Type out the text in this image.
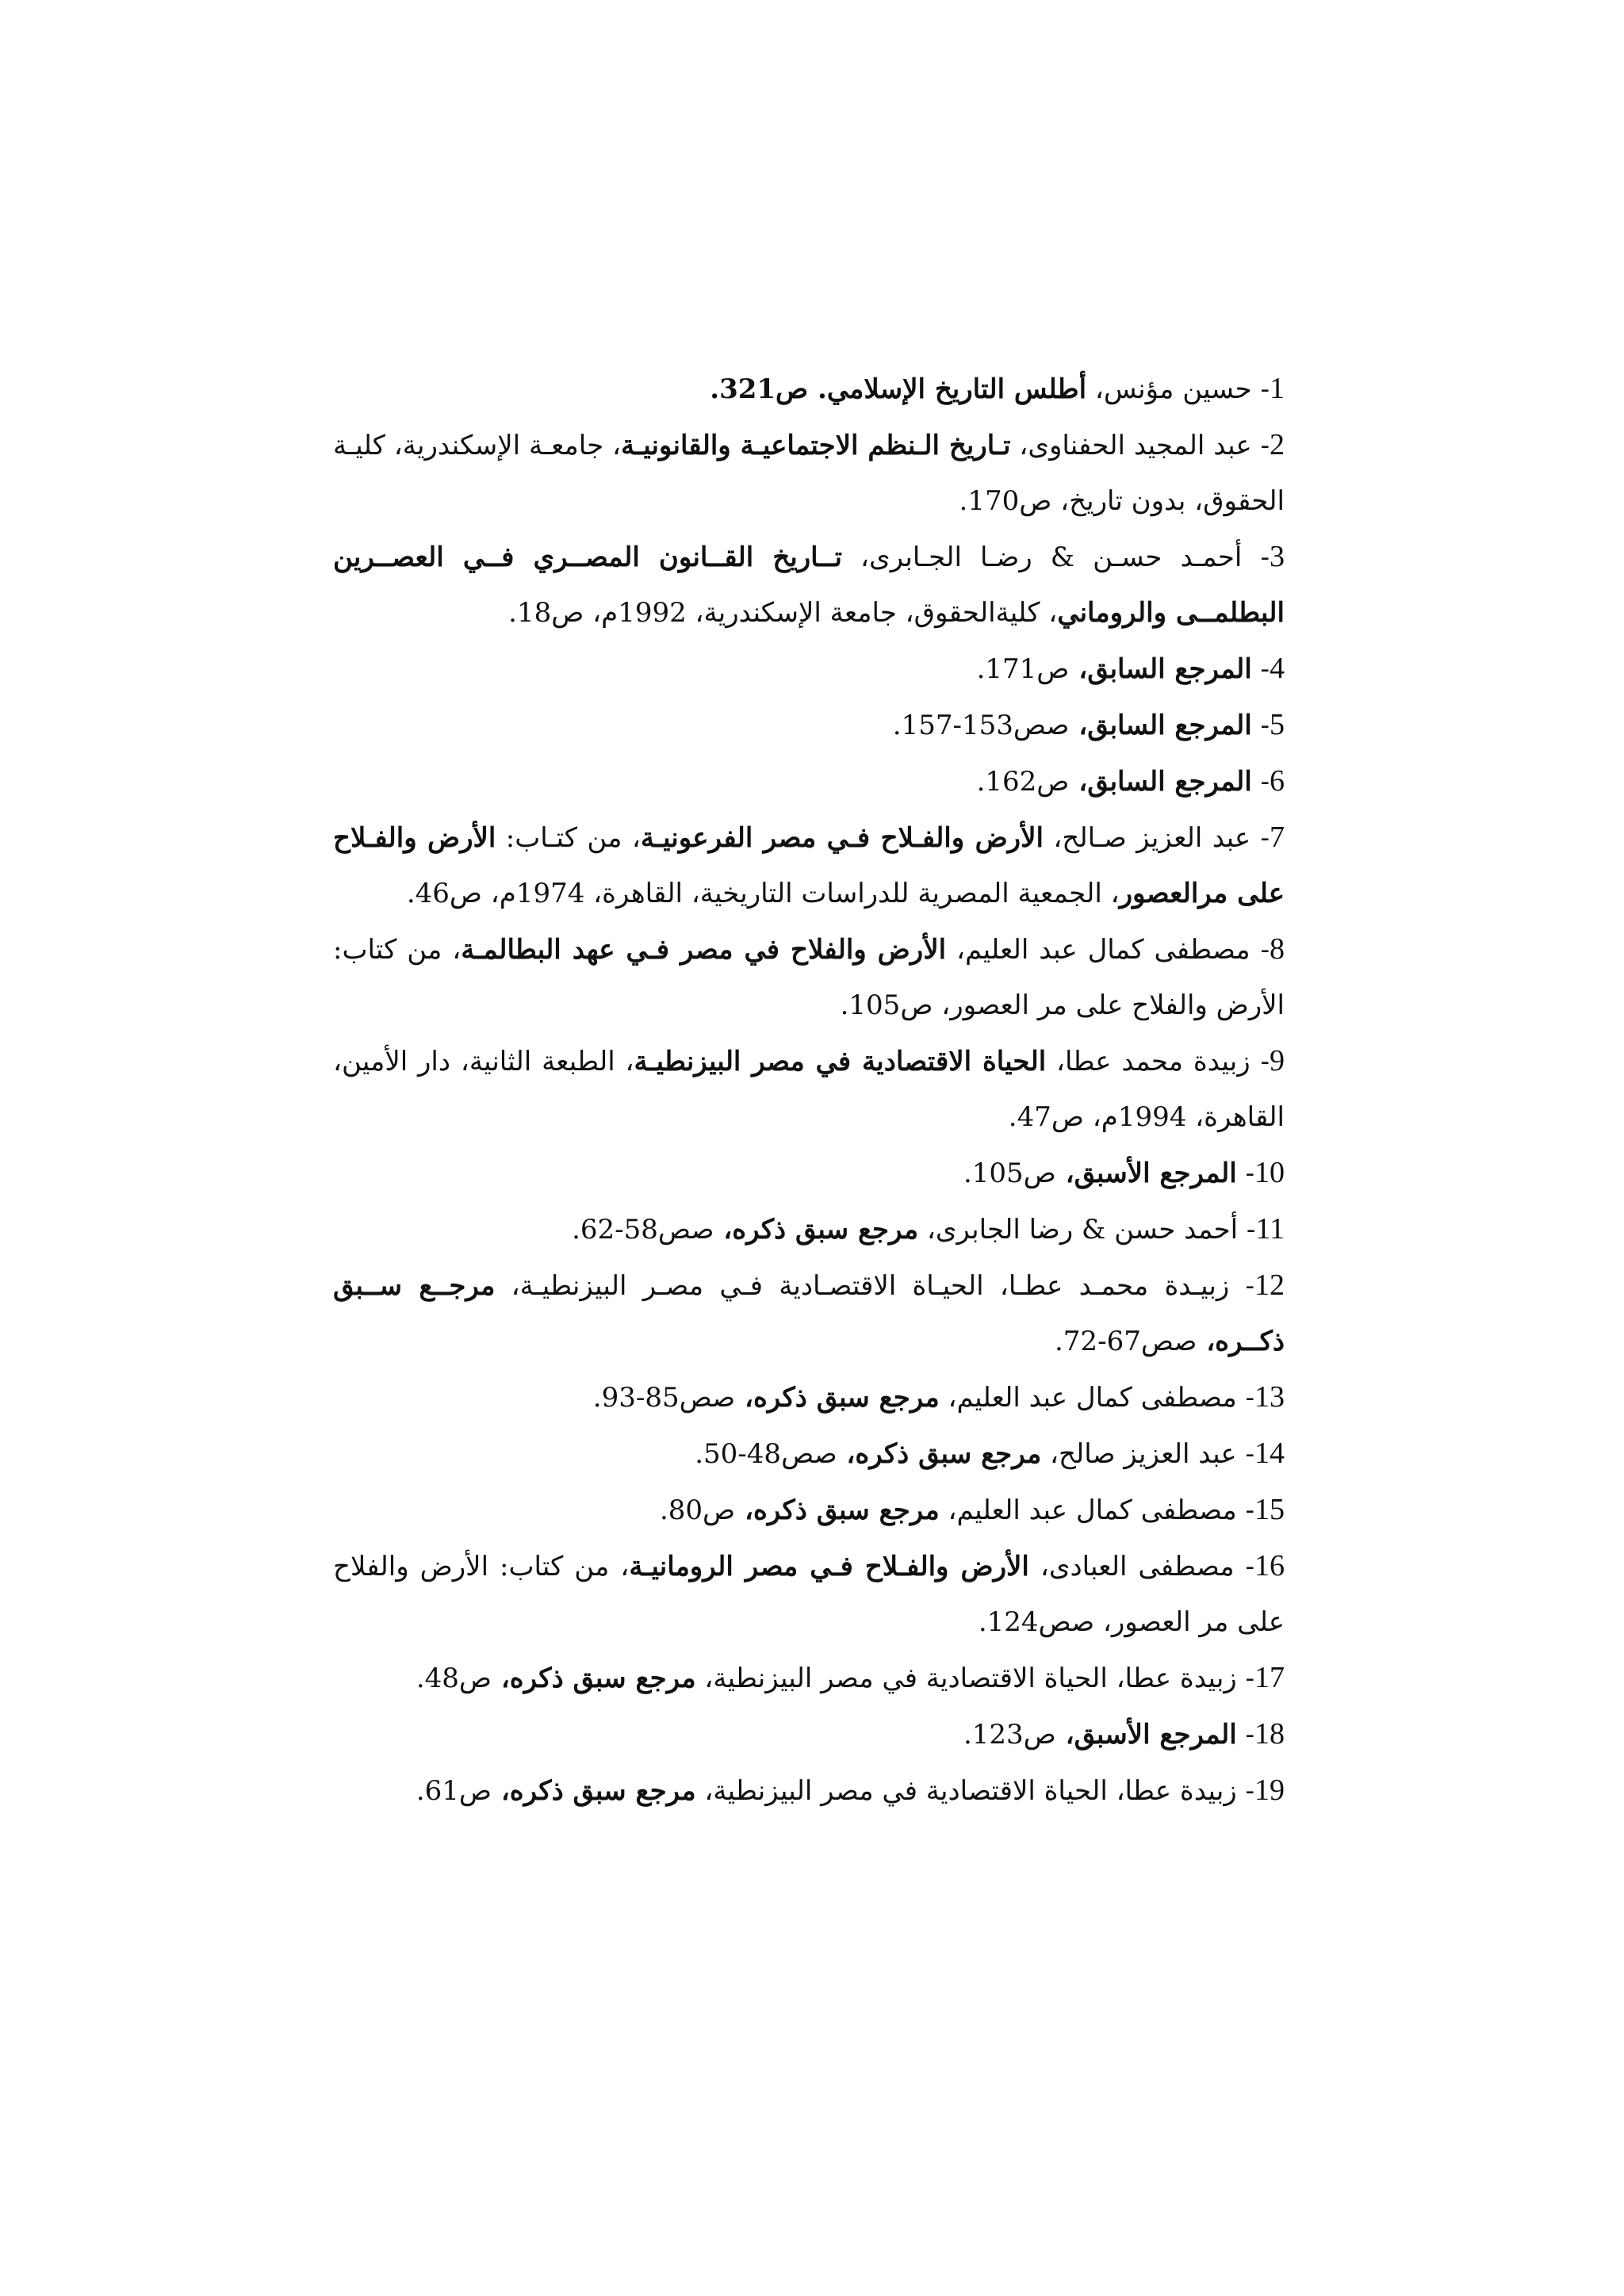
1- حسين مؤنس، أطلس التاريخ الإسلامي. ص321.

2- عبد المجيد الحفناوى، تـاريخ الـنظم الاجتماعيـة والقانونيـة، جامعـة الإسكندرية، كليـة الحقوق، بدون تاريخ، ص170.

3- أحمـد حسـن & رضـا الجـابرى، تــاريخ القــانون المصــري فــي العصــرين البطلمــى والروماني، كليةالحقوق، جامعة الإسكندرية، 1992م، ص18.

4- المرجع السابق، ص171.

5- المرجع السابق، صص153-157.

6- المرجع السابق، ص162.

7- عبد العزيز صـالح، الأرض والفـلاح فـي مصر الفرعونيـة، من كتـاب: الأرض والفـلاح على مرالعصور، الجمعية المصرية للدراسات التاريخية، القاهرة، 1974م، ص46.

8- مصطفى كمال عبد العليم، الأرض والفلاح في مصر فـي عهد البطالمـة، من كتاب: الأرض والفلاح على مر العصور، ص105.

9- زبيدة محمد عطا، الحياة الاقتصادية في مصر البيزنطيـة، الطبعة الثانية، دار الأمين، القاهرة، 1994م، ص47.

10- المرجع الأسبق، ص105.

11- أحمد حسن & رضا الجابرى، مرجع سبق ذكره، صص58-62.

12- زبيـدة محمـد عطـا، الحيـاة الاقتصـادية فـي مصـر البيزنطيـة، مرجــع ســبق ذكــره، صص67-72.

13- مصطفى كمال عبد العليم، مرجع سبق ذكره، صص85-93.

14- عبد العزيز صالح، مرجع سبق ذكره، صص48-50.

15- مصطفى كمال عبد العليم، مرجع سبق ذكره، ص80.

16- مصطفى العبادى، الأرض والفـلاح فـي مصر الرومانيـة، من كتاب: الأرض والفلاح على مر العصور، صص124.

17- زبيدة عطا، الحياة الاقتصادية في مصر البيزنطية، مرجع سبق ذكره، ص48.

18- المرجع الأسبق، ص123.

19- زبيدة عطا، الحياة الاقتصادية في مصر البيزنطية، مرجع سبق ذكره، ص61.
